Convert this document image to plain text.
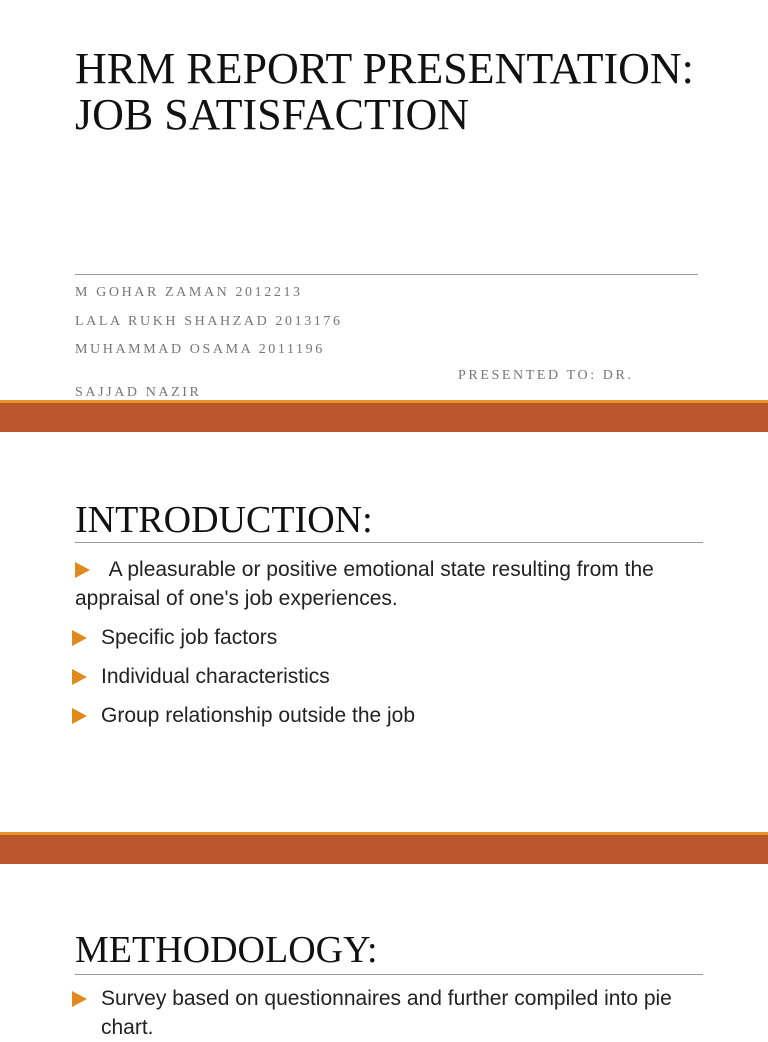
HRM REPORT PRESENTATION: JOB SATISFACTION
M GOHAR ZAMAN 2012213
LALA RUKH SHAHZAD 2013176
MUHAMMAD OSAMA 2011196
PRESENTED TO: DR.
SAJJAD NAZIR
INTRODUCTION:
A pleasurable or positive emotional state resulting from the appraisal of one's job experiences.
Specific job factors
Individual characteristics
Group relationship outside the job
METHODOLOGY:
Survey based on questionnaires and further compiled into pie chart.
